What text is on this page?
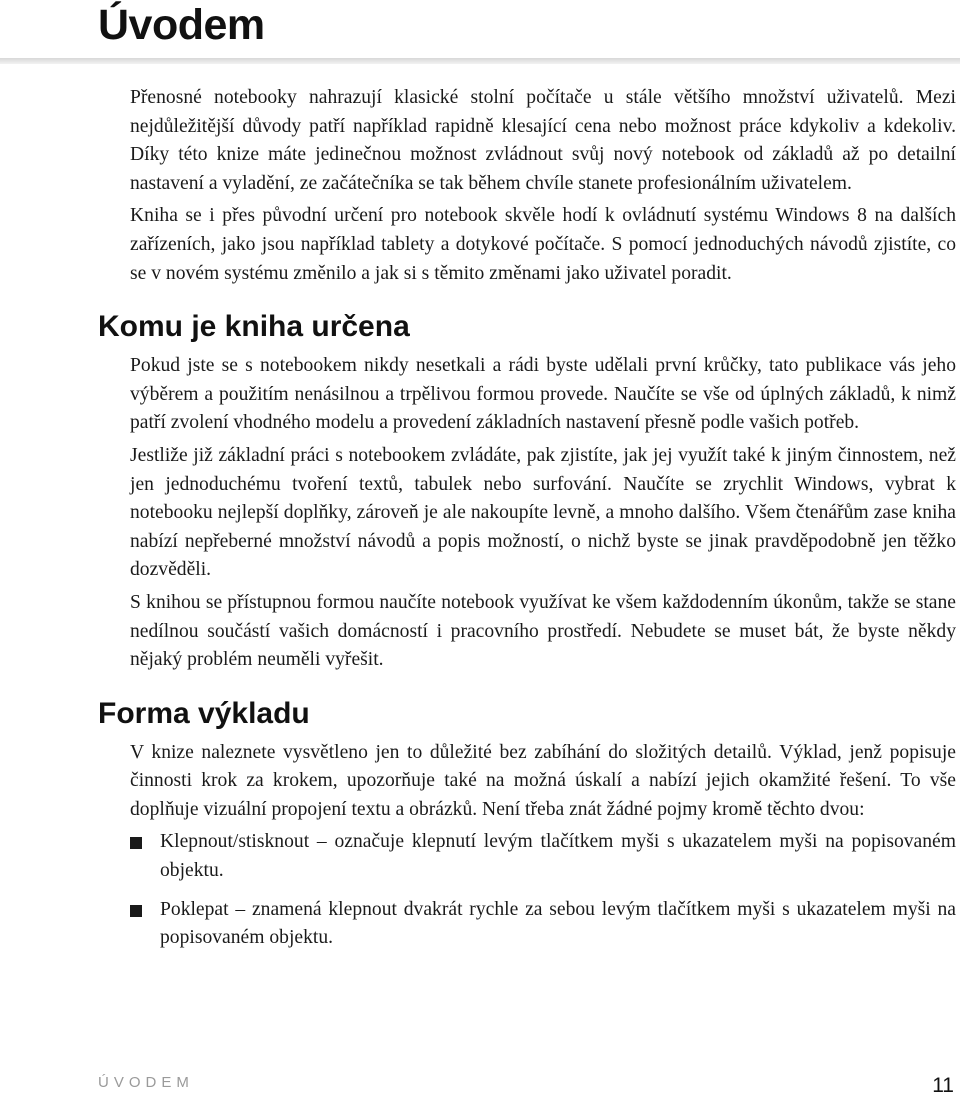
Úvodem

Přenosné notebooky nahrazují klasické stolní počítače u stále většího množství uživatelů. Mezi nejdůležitější důvody patří například rapidně klesající cena nebo možnost práce kdykoliv a kdekoliv. Díky této knize máte jedinečnou možnost zvládnout svůj nový notebook od základů až po detailní nastavení a vyladění, ze začátečníka se tak během chvíle stanete profesionálním uživatelem.

Kniha se i přes původní určení pro notebook skvěle hodí k ovládnutí systému Windows 8 na dalších zařízeních, jako jsou například tablety a dotykové počítače. S pomocí jednoduchých návodů zjistíte, co se v novém systému změnilo a jak si s těmito změnami jako uživatel poradit.

Komu je kniha určena

Pokud jste se s notebookem nikdy nesetkali a rádi byste udělali první krůčky, tato publikace vás jeho výběrem a použitím nenásilnou a trpělivou formou provede. Naučíte se vše od úplných základů, k nimž patří zvolení vhodného modelu a provedení základních nastavení přesně podle vašich potřeb.

Jestliže již základní práci s notebookem zvládáte, pak zjistíte, jak jej využít také k jiným činnostem, než jen jednoduchému tvoření textů, tabulek nebo surfování. Naučíte se zrychlit Windows, vybrat k notebooku nejlepší doplňky, zároveň je ale nakoupíte levně, a mnoho dalšího. Všem čtenářům zase kniha nabízí nepřeberné množství návodů a popis možností, o nichž byste se jinak pravděpodobně jen těžko dozvěděli.

S knihou se přístupnou formou naučíte notebook využívat ke všem každodenním úkonům, takže se stane nedílnou součástí vašich domácností i pracovního prostředí. Nebudete se muset bát, že byste někdy nějaký problém neuměli vyřešit.

Forma výkladu

V knize naleznete vysvětleno jen to důležité bez zabíhání do složitých detailů. Výklad, jenž popisuje činnosti krok za krokem, upozorňuje také na možná úskalí a nabízí jejich okamžité řešení. To vše doplňuje vizuální propojení textu a obrázků. Není třeba znát žádné pojmy kromě těchto dvou:

Klepnout/stisknout – označuje klepnutí levým tlačítkem myši s ukazatelem myši na popisovaném objektu.
Poklepat – znamená klepnout dvakrát rychle za sebou levým tlačítkem myši s ukazatelem myši na popisovaném objektu.
ÚVODEM	11
